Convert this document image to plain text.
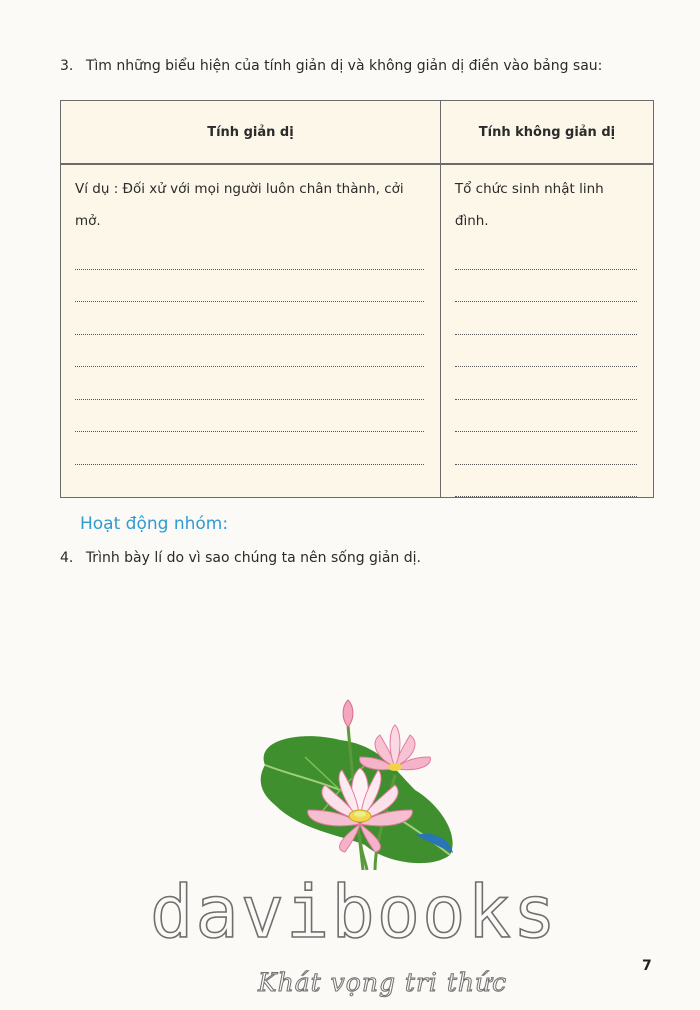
3. Tìm những biểu hiện của tính giản dị và không giản dị điền vào bảng sau:
Tính giản dị	Tính không giản dị

Ví dụ : Đối xử với mọi người luôn chân thành, cởi mở.	Tổ chức sinh nhật linh đình.
Hoạt động nhóm:
4. Trình bày lí do vì sao chúng ta nên sống giản dị.
davibooks
Khát vọng tri thức
7
